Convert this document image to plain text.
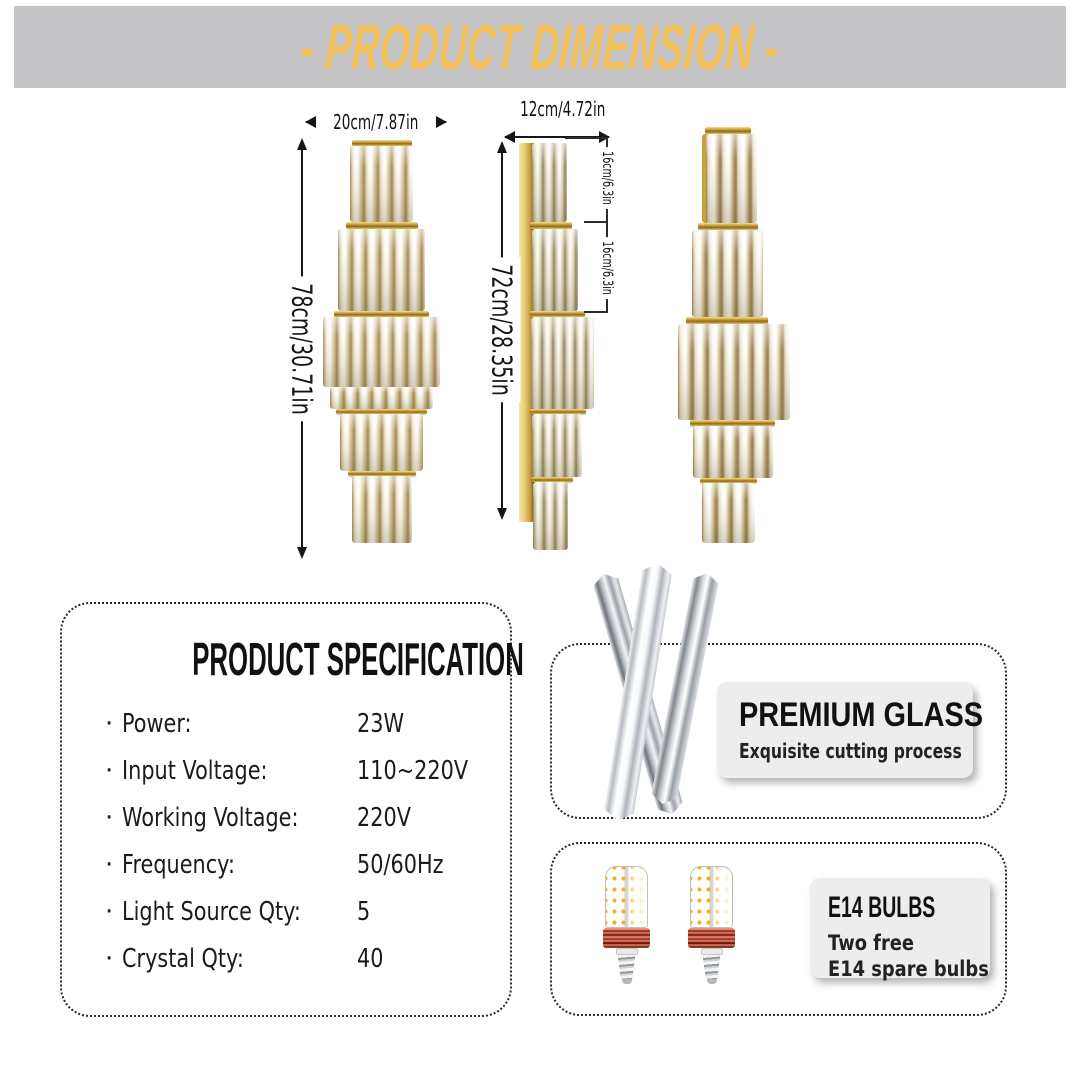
- PRODUCT DIMENSION -
20cm/7.87in
78cm/30.71in
12cm/4.72in
72cm/28.35in
16cm/6.3in
16cm/6.3in
PRODUCT SPECIFICATION
· Power:	23W
· Input Voltage:	110~220V
· Working Voltage: 220V
· Frequency:	50/60Hz
· Light Source Qty: 5
· Crystal Qty:	40
PREMIUM GLASS
Exquisite cutting process
E14 BULBS
Two free
E14 spare bulbs
